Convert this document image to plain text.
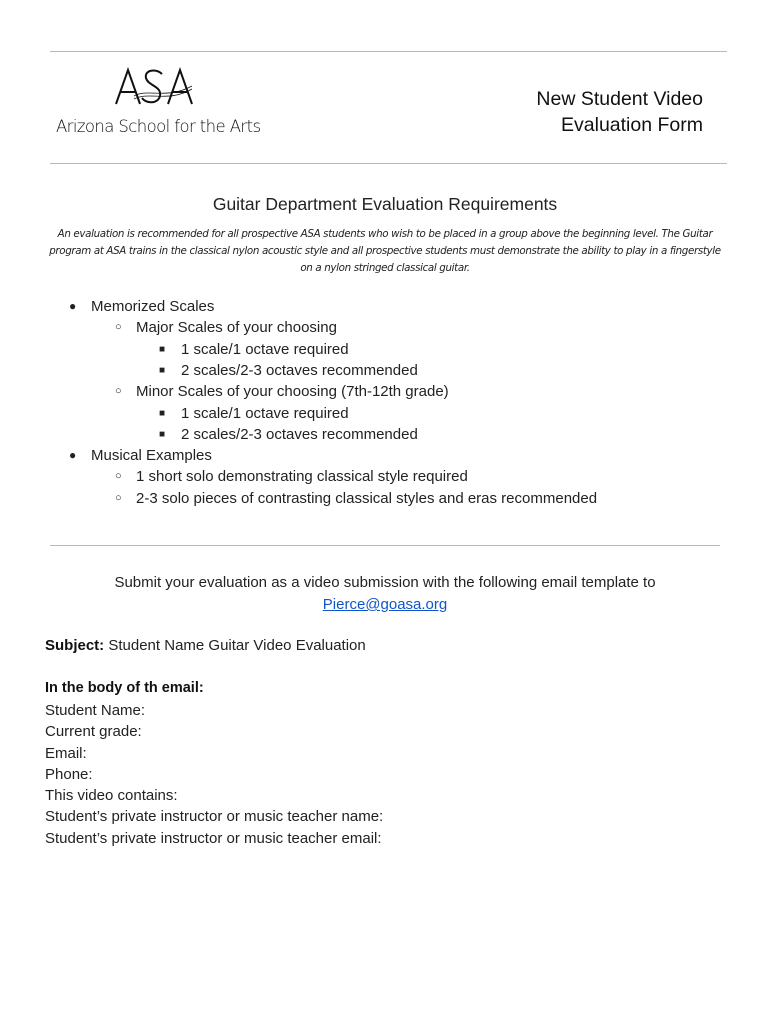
Arizona School for the Arts
New Student Video
Evaluation Form
Guitar Department Evaluation Requirements
An evaluation is recommended for all prospective ASA students who wish to be placed in a group above the beginning level. The Guitar program at ASA trains in the classical nylon acoustic style and all prospective students must demonstrate the ability to play in a fingerstyle on a nylon stringed classical guitar.
● Memorized Scales
○ Major Scales of your choosing
■ 1 scale/1 octave required
■ 2 scales/2-3 octaves recommended
○ Minor Scales of your choosing (7th-12th grade)
■ 1 scale/1 octave required
■ 2 scales/2-3 octaves recommended
● Musical Examples
○ 1 short solo demonstrating classical style required
○ 2-3 solo pieces of contrasting classical styles and eras recommended
Submit your evaluation as a video submission with the following email template to
Pierce@goasa.org
Subject: Student Name Guitar Video Evaluation
In the body of th email:
Student Name:
Current grade:
Email:
Phone:
This video contains:
Student’s private instructor or music teacher name:
Student’s private instructor or music teacher email:
